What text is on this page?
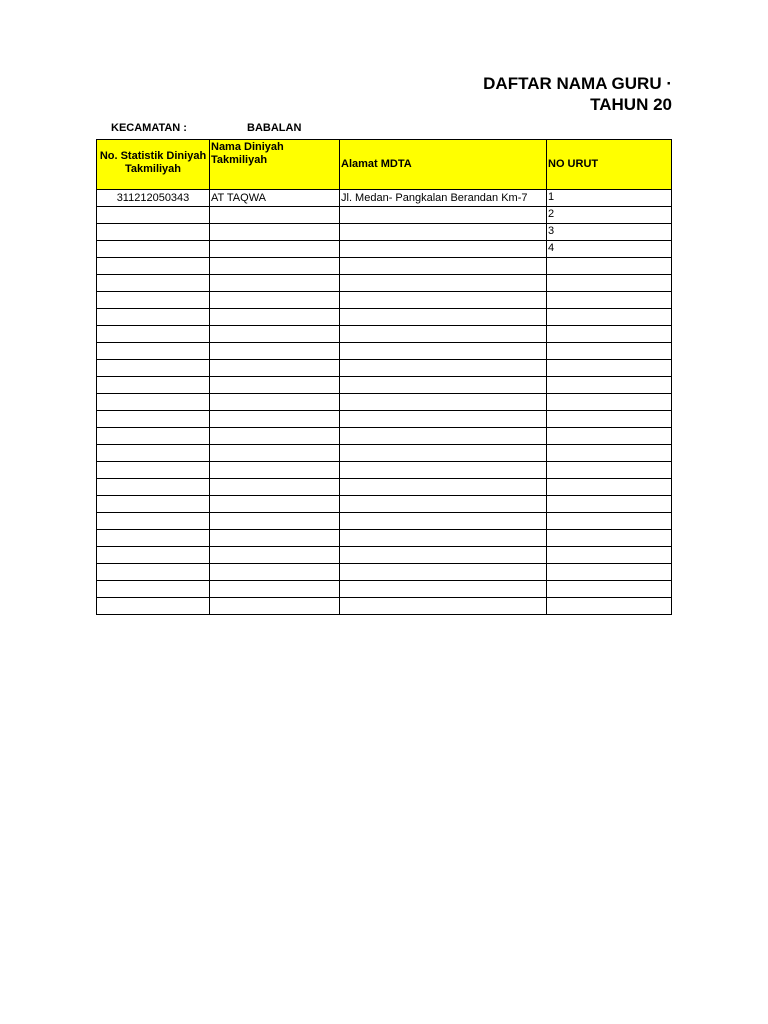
DAFTAR NAMA GURU ·
TAHUN 20
KECAMATAN :	BABALAN
No. Statistik Diniyah Takmiliyah	Nama Diniyah Takmiliyah	Alamat MDTA	NO URUT
311212050343	AT TAQWA	Jl. Medan- Pangkalan Berandan Km-7	1
			2
			3
			4
